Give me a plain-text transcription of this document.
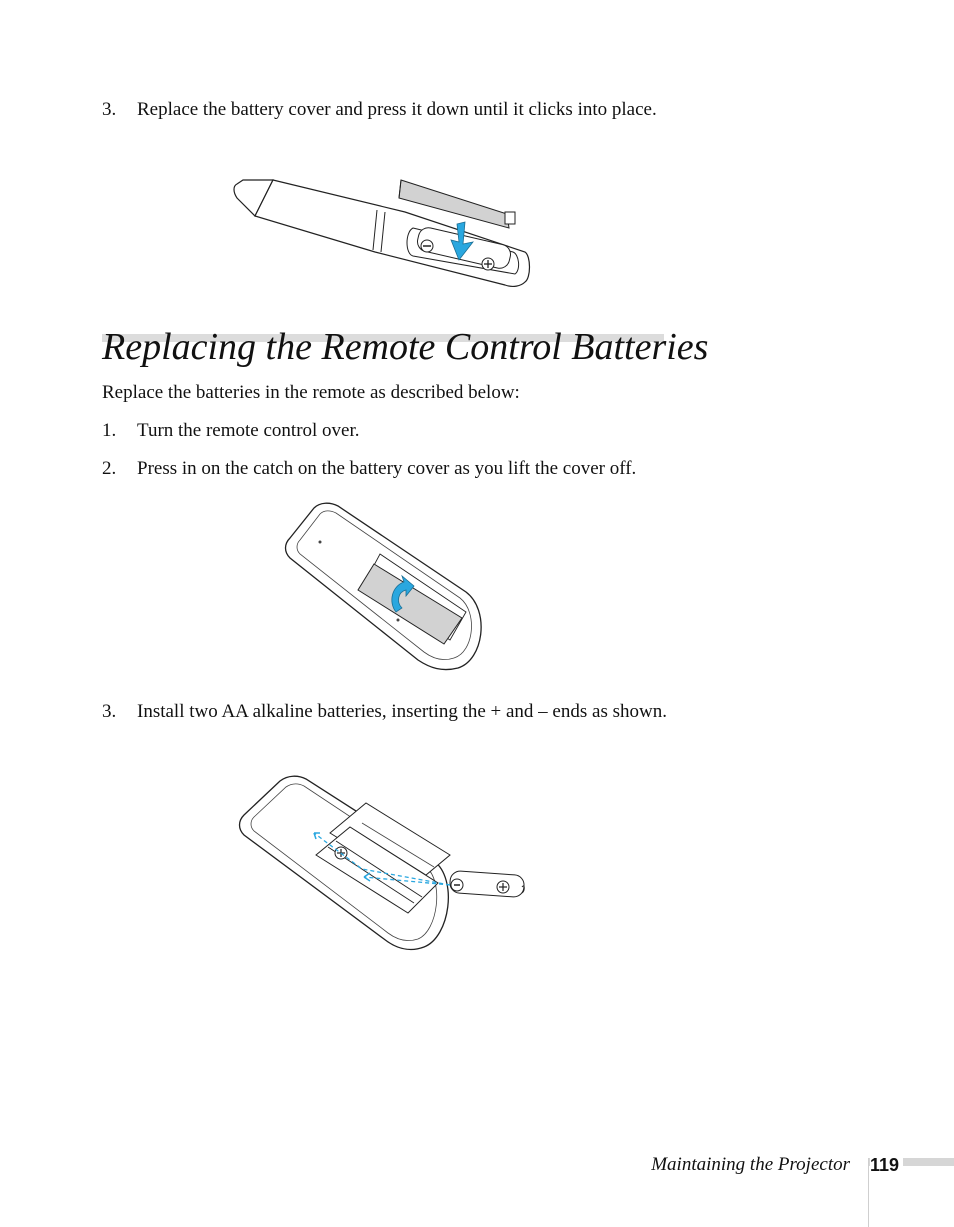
3.	Replace the battery cover and press it down until it clicks into place.
Replacing the Remote Control Batteries
Replace the batteries in the remote as described below:
1.	Turn the remote control over.
2.	Press in on the catch on the battery cover as you lift the cover off.
3.	Install two AA alkaline batteries, inserting the + and – ends as shown.
Maintaining the Projector 119
